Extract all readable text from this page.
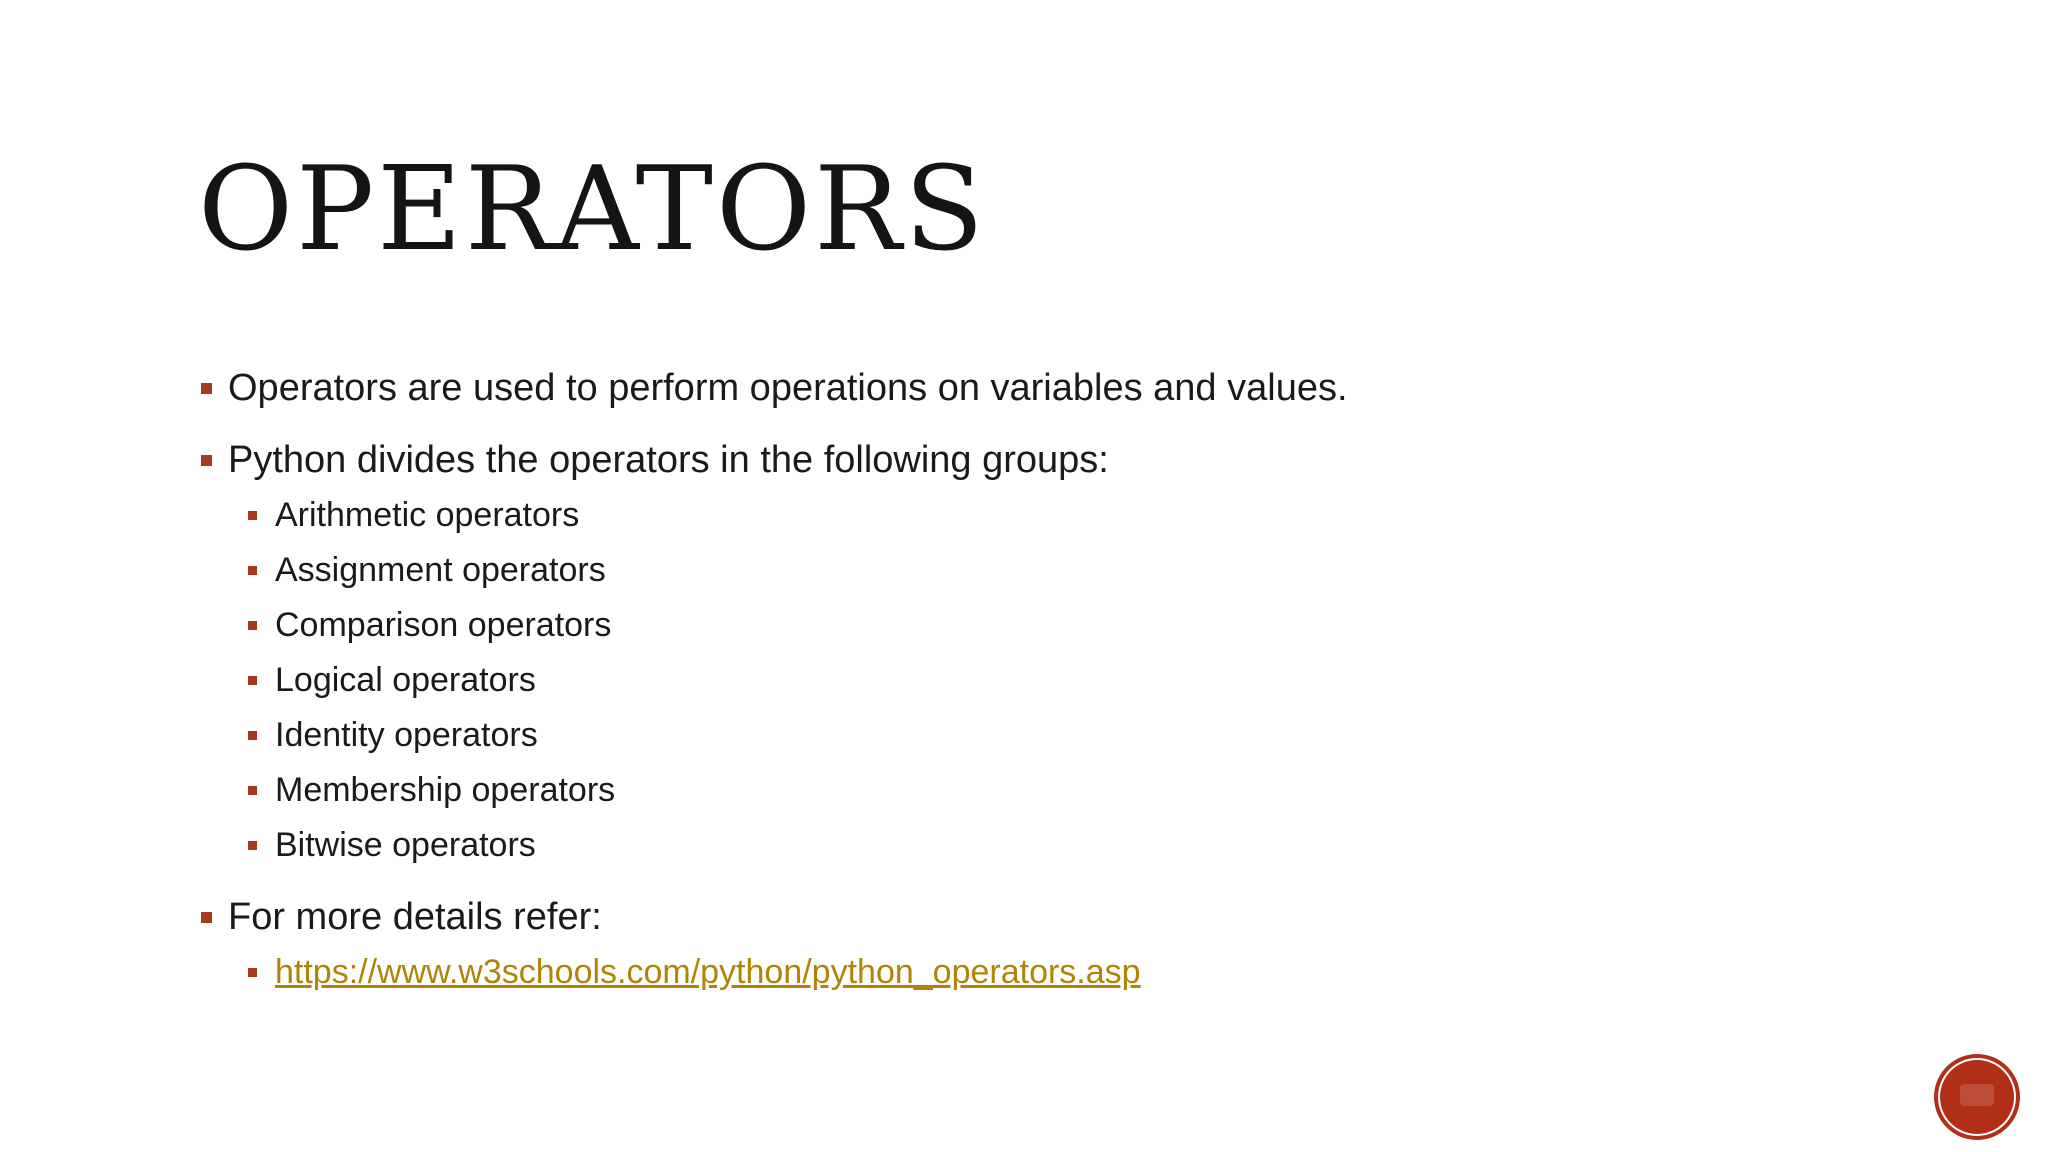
OPERATORS
Operators are used to perform operations on variables and values.
Python divides the operators in the following groups:
Arithmetic operators
Assignment operators
Comparison operators
Logical operators
Identity operators
Membership operators
Bitwise operators
For more details refer:
https://www.w3schools.com/python/python_operators.asp
